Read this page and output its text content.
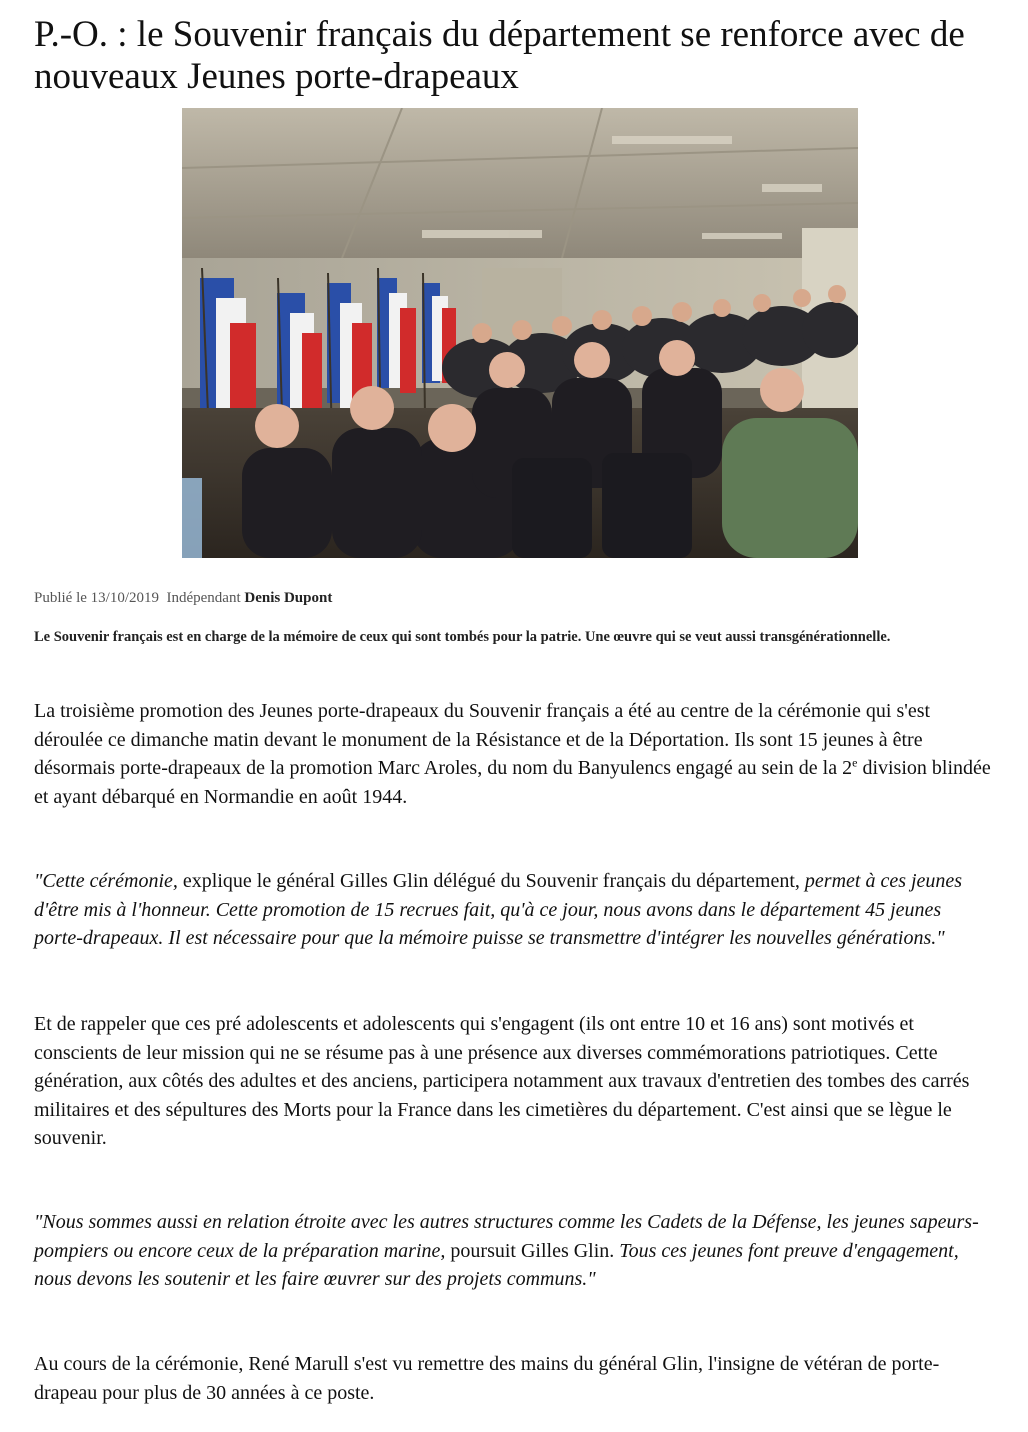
P.-O. : le Souvenir français du département se renforce avec de nouveaux Jeunes porte-drapeaux
Publié le 13/10/2019 Indépendant Denis Dupont

Le Souvenir français est en charge de la mémoire de ceux qui sont tombés pour la patrie. Une œuvre qui se veut aussi transgénérationnelle.

La troisième promotion des Jeunes porte-drapeaux du Souvenir français a été au centre de la cérémonie qui s'est déroulée ce dimanche matin devant le monument de la Résistance et de la Déportation. Ils sont 15 jeunes à être désormais porte-drapeaux de la promotion Marc Aroles, du nom du Banyulencs engagé au sein de la 2e division blindée et ayant débarqué en Normandie en août 1944.

"Cette cérémonie, explique le général Gilles Glin délégué du Souvenir français du département, permet à ces jeunes d'être mis à l'honneur. Cette promotion de 15 recrues fait, qu'à ce jour, nous avons dans le département 45 jeunes porte-drapeaux. Il est nécessaire pour que la mémoire puisse se transmettre d'intégrer les nouvelles générations."

Et de rappeler que ces pré adolescents et adolescents qui s'engagent (ils ont entre 10 et 16 ans) sont motivés et conscients de leur mission qui ne se résume pas à une présence aux diverses commémorations patriotiques. Cette génération, aux côtés des adultes et des anciens, participera notamment aux travaux d'entretien des tombes des carrés militaires et des sépultures des Morts pour la France dans les cimetières du département. C'est ainsi que se lègue le souvenir.

"Nous sommes aussi en relation étroite avec les autres structures comme les Cadets de la Défense, les jeunes sapeurs-pompiers ou encore ceux de la préparation marine, poursuit Gilles Glin. Tous ces jeunes font preuve d'engagement, nous devons les soutenir et les faire œuvrer sur des projets communs."

Au cours de la cérémonie, René Marull s'est vu remettre des mains du général Glin, l'insigne de vétéran de porte-drapeau pour plus de 30 années à ce poste.
